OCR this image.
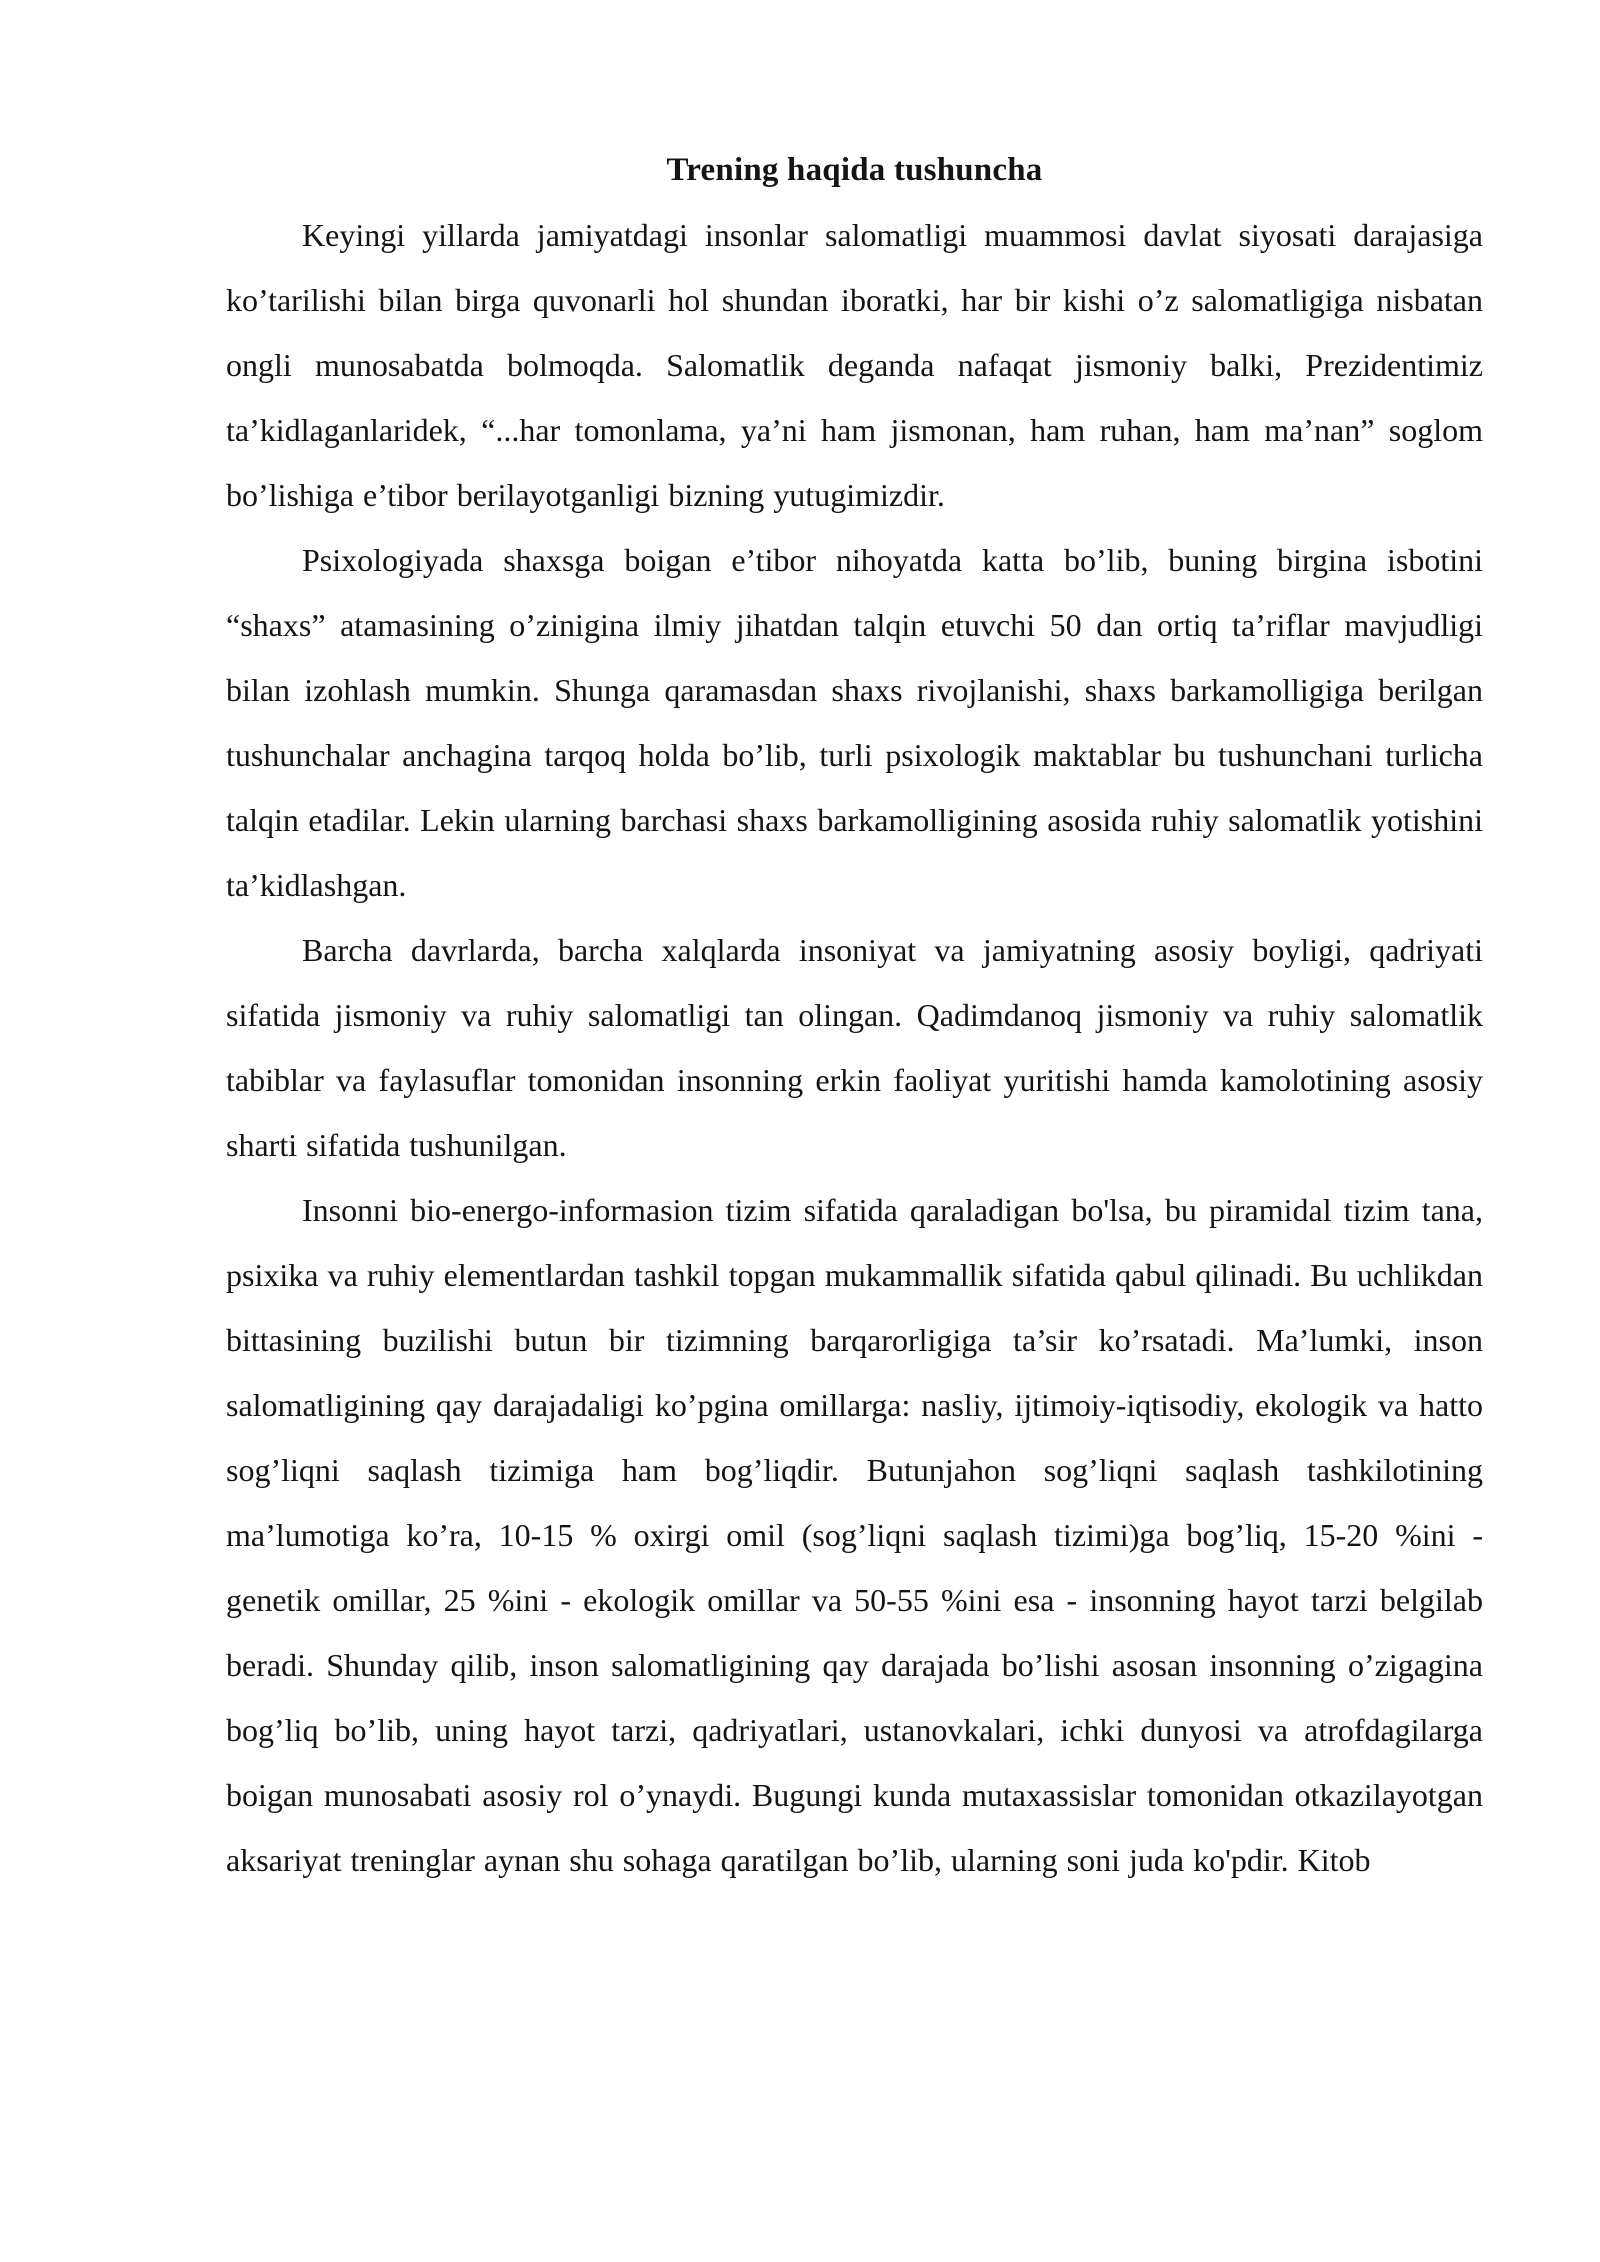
Trening haqida tushuncha

Keyingi yillarda jamiyatdagi insonlar salomatligi muammosi davlat siyosati darajasiga ko’tarilishi bilan birga quvonarli hol shundan iboratki, har bir kishi o’z salomatligiga nisbatan ongli munosabatda bolmoqda. Salomatlik deganda nafaqat jismoniy balki, Prezidentimiz ta’kidlaganlaridek, “...har tomonlama, ya’ni ham jismonan, ham ruhan, ham ma’nan” soglom bo’lishiga e’tibor berilayotganligi bizning yutugimizdir.

Psixologiyada shaxsga boigan e’tibor nihoyatda katta bo’lib, buning birgina isbotini “shaxs” atamasining o’zinigina ilmiy jihatdan talqin etuvchi 50 dan ortiq ta’riflar mavjudligi bilan izohlash mumkin. Shunga qaramasdan shaxs rivojlanishi, shaxs barkamolligiga berilgan tushunchalar anchagina tarqoq holda bo’lib, turli psixologik maktablar bu tushunchani turlicha talqin etadilar. Lekin ularning barchasi shaxs barkamolligining asosida ruhiy salomatlik yotishini ta’kidlashgan.

Barcha davrlarda, barcha xalqlarda insoniyat va jamiyatning asosiy boyligi, qadriyati sifatida jismoniy va ruhiy salomatligi tan olingan. Qadimdanoq jismoniy va ruhiy salomatlik tabiblar va faylasuflar tomonidan insonning erkin faoliyat yuritishi hamda kamolotining asosiy sharti sifatida tushunilgan.

Insonni bio-energo-informasion tizim sifatida qaraladigan bo'lsa, bu piramidal tizim tana, psixika va ruhiy elementlardan tashkil topgan mukammallik sifatida qabul qilinadi. Bu uchlikdan bittasining buzilishi butun bir tizimning barqarorligiga ta’sir ko’rsatadi. Ma’lumki, inson salomatligining qay darajadaligi ko’pgina omillarga: nasliy, ijtimoiy-iqtisodiy, ekologik va hatto sog’liqni saqlash tizimiga ham bog’liqdir. Butunjahon sog’liqni saqlash tashkilotining ma’lumotiga ko’ra, 10-15 % oxirgi omil (sog’liqni saqlash tizimi)ga bog’liq, 15-20 %ini - genetik omillar, 25 %ini - ekologik omillar va 50-55 %ini esa - insonning hayot tarzi belgilab beradi. Shunday qilib, inson salomatligining qay darajada bo’lishi asosan insonning o’zigagina bog’liq bo’lib, uning hayot tarzi, qadriyatlari, ustanovkalari, ichki dunyosi va atrofdagilarga boigan munosabati asosiy rol o’ynaydi. Bugungi kunda mutaxassislar tomonidan otkazilayotgan aksariyat treninglar aynan shu sohaga qaratilgan bo’lib, ularning soni juda ko'pdir. Kitob
